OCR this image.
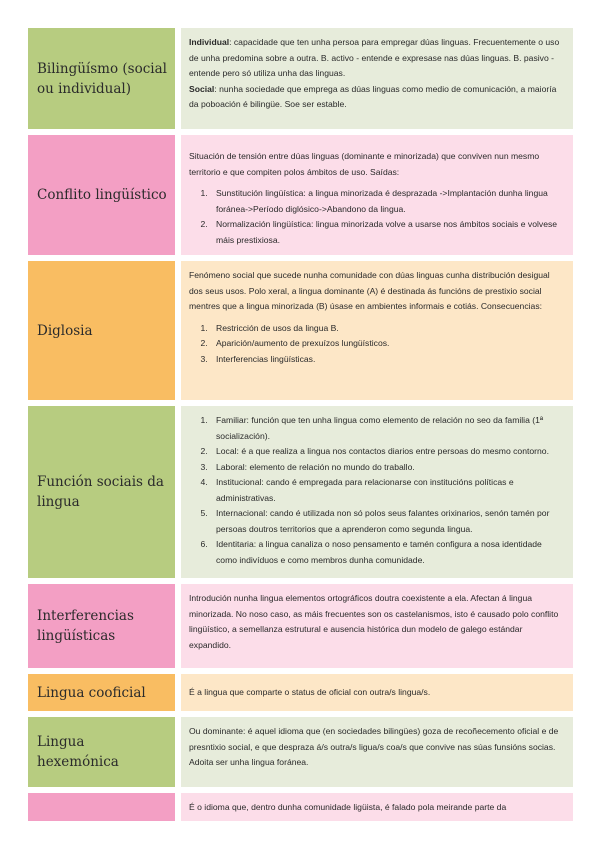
Bilingüísmo (social ou individual)

Individual: capacidade que ten unha persoa para empregar dúas linguas. Frecuentemente o uso de unha predomina sobre a outra. B. activo - entende e expresase nas dúas linguas. B. pasivo - entende pero só utiliza unha das linguas.

Social: nunha sociedade que emprega as dúas linguas como medio de comunicación, a maioría da poboación é bilingüe. Soe ser estable.

Conflito lingüístico

Situación de tensión entre dúas linguas (dominante e minorizada) que conviven nun mesmo territorio e que compiten polos ámbitos de uso. Saídas:

1. Sunstitución lingüística: a lingua minorizada é desprazada ->Implantación dunha lingua foránea->Período diglósico->Abandono da lingua.
2. Normalización lingüística: lingua minorizada volve a usarse nos ámbitos sociais e volvese máis prestixiosa.
Diglosia

Fenómeno social que sucede nunha comunidade con dúas linguas cunha distribución desigual dos seus usos. Polo xeral, a lingua dominante (A) é destinada ás funcións de prestixio social mentres que a lingua minorizada (B) úsase en ambientes informais e cotiás. Consecuencias:

1. Restricción de usos da lingua B.
2. Aparición/aumento de prexuízos lungüísticos.
3. Interferencias lingüísticas.
Función sociais da lingua
1. Familiar: función que ten unha lingua como elemento de relación no seo da familia (1ª socialización).
2. Local: é a que realiza a lingua nos contactos diarios entre persoas do mesmo contorno.
3. Laboral: elemento de relación no mundo do traballo.
4. Institucional: cando é empregada para relacionarse con institucións políticas e administrativas.
5. Internacional: cando é utilizada non só polos seus falantes orixinarios, senón tamén por persoas doutros territorios que a aprenderon como segunda lingua.
6. Identitaria: a lingua canaliza o noso pensamento e tamén configura a nosa identidade como indivíduos e como membros dunha comunidade.
Interferencias lingüísticas

Introdución nunha lingua elementos ortográficos doutra coexistente a ela. Afectan á lingua minorizada. No noso caso, as máis frecuentes son os castelanismos, isto é causado polo conflito lingüístico, a semellanza estrutural e ausencia histórica dun modelo de galego estándar expandido.

Lingua cooficial	É a lingua que comparte o status de oficial con outra/s lingua/s.

Lingua hexemónica

Ou dominante: é aquel idioma que (en sociedades bilingües) goza de recoñecemento oficial e de presntixio social, e que despraza á/s outra/s ligua/s coa/s que convive nas súas funsións socias. Adoita ser unha lingua foránea.

É o idioma que, dentro dunha comunidade ligüista, é falado pola meirande parte da
